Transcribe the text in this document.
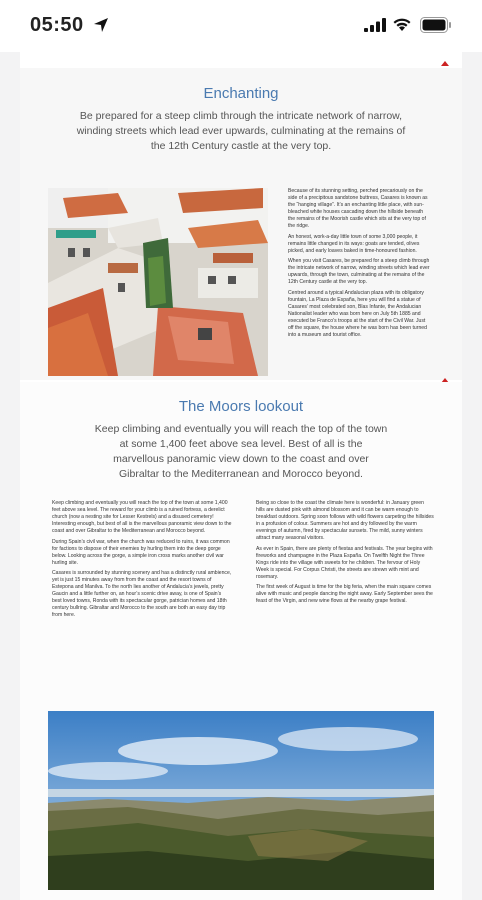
05:50
Enchanting
Be prepared for a steep climb through the intricate network of narrow, winding streets which lead ever upwards, culminating at the remains of the 12th Century castle at the very top.

Because of its stunning setting, perched precariously on the side of a precipitous sandstone buttress, Casares is known as the “hanging village”. It’s an enchanting little place, with sun-bleached white houses cascading down the hillside beneath the remains of the Moorish castle which sits at the very top of the ridge.

An honest, work-a-day little town of some 3,000 people, it remains little changed in its ways: goats are tended, olives picked, and early loaves baked in time-honoured fashion.

When you visit Casares, be prepared for a steep climb through the intricate network of narrow, winding streets which lead ever upwards, through the town, culminating at the remains of the 12th Century castle at the very top.

Centred around a typical Andalucian plaza with its obligatory fountain, La Plaza de España, here you will find a statue of Casares’ most celebrated son, Blas Infante, the Andalucian Nationalist leader who was born here on July 5th 1885 and executed be Franco’s troops at the start of the Civil War. Just off the square, the house where he was born has been turned into a museum and tourist office.

The Moors lookout
Keep climbing and eventually you will reach the top of the town at some 1,400 feet above sea level. Best of all is the marvellous panoramic view down to the coast and over Gibraltar to the Mediterranean and Morocco beyond.

Keep climbing and eventually you will reach the top of the town at some 1,400 feet above sea level. The reward for your climb is a ruined fortress, a derelict church (now a nesting site for Lesser Kestrels) and a disused cemetery! Interesting enough, but best of all is the marvellous panoramic view down to the coast and over Gibraltar to the Mediterranean and Morocco beyond.

During Spain’s civil war, when the church was reduced to ruins, it was common for factions to dispose of their enemies by hurling them into the deep gorge below. Looking across the gorge, a simple iron cross marks another civil war hurling site.

Casares is surrounded by stunning scenery and has a distinctly rural ambience, yet is just 15 minutes away from from the coast and the resort towns of Estepona and Manilva. To the north lies another of Andalucia’s jewels, pretty Gaucin and a little further on, an hour’s scenic drive away, is one of Spain’s best loved towns, Ronda with its spectacular gorge, patrician homes and 18th century bullring. Gibraltar and Morocco to the south are both an easy day trip from here.

Being so close to the coast the climate here is wonderful: in January green hills are dusted pink with almond blossom and it can be warm enough to breakfast outdoors. Spring soon follows with wild flowers carpeting the hillsides in a profusion of colour. Summers are hot and dry followed by the warm evenings of autumn, fired by spectacular sunsets. The mild, sunny winters attract many seasonal visitors.

As ever in Spain, there are plenty of fiestas and festivals. The year begins with fireworks and champagne in the Plaza España. On Twelfth Night the Three Kings ride into the village with sweets for he children. The fervour of Holy Week is special. For Corpus Christi, the streets are strewn with mint and rosemary.

The first week of August is time for the big feria, when the main square comes alive with music and people dancing the night away. Early September sees the feast of the Virgin, and new wine flows at the nearby grape festival.
